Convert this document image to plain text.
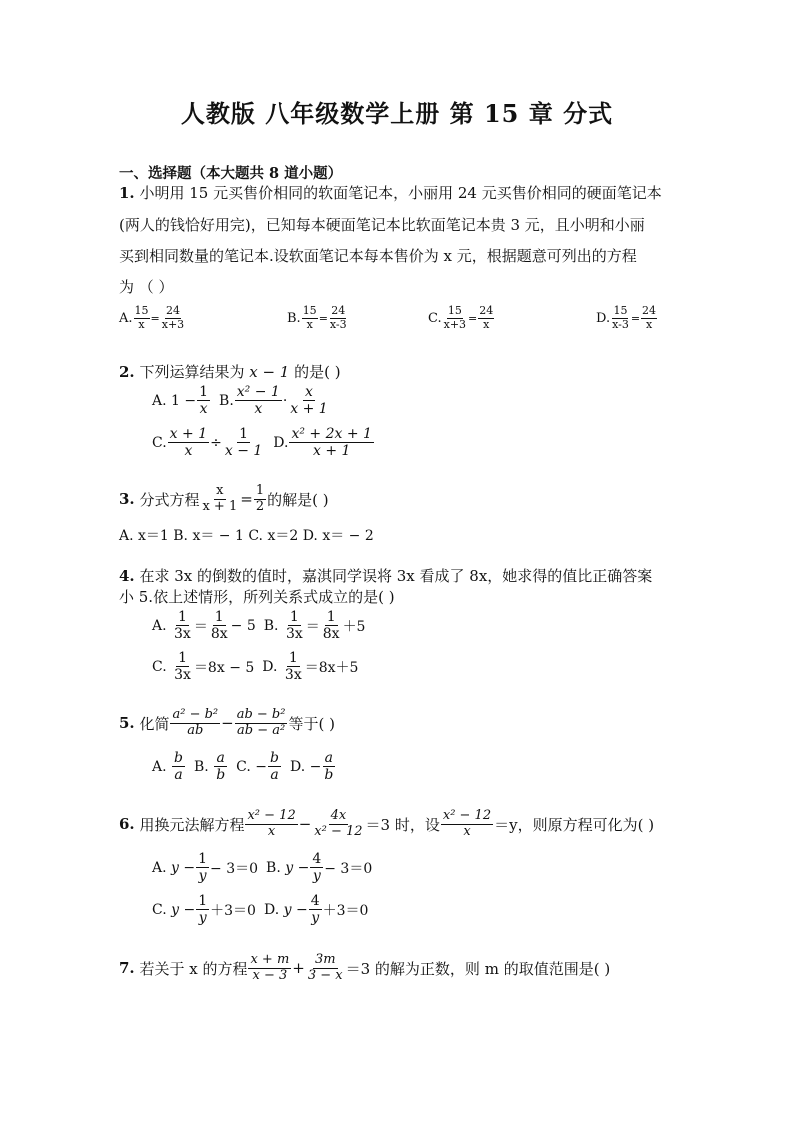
人教版 八年级数学上册 第 15 章 分式
一、选择题（本大题共 8 道小题）
1. 小明用 15 元买售价相同的软面笔记本，小丽用 24 元买售价相同的硬面笔记本
(两人的钱恰好用完)，已知每本硬面笔记本比软面笔记本贵 3 元，且小明和小丽
买到相同数量的笔记本.设软面笔记本每本售价为 x 元，根据题意可列出的方程
为 （ ）
A. $\frac{15}{x} = \frac{24}{x+3}$	B. $\frac{15}{x} = \frac{24}{x-3}$	C. $\frac{15}{x+3} = \frac{24}{x}$	D. $\frac{15}{x-3} = \frac{24}{x}$
2. 下列运算结果为 x − 1 的是( )
A.
$1 - \frac{1}{x} B$. $\frac{\text{x² − 1}}{x} \cdot \frac{x}{x + 1}$
C. $\frac{x + 1}{x} \div \frac{1}{x - 1} D$. $\frac{\text{x² + 2x + 1}}{x + 1}$
3.
分式方程 $\frac{x}{x + 1} = \frac{1}{2}$ 的解是( )
A. x＝1 B. x＝ − 1 C. x＝2 D. x＝ − 2
4. 在求 3x 的倒数的值时，嘉淇同学误将 3x 看成了 8x，她求得的值比正确答案
小 5.依上述情形，所列关系式成立的是( )
A.
$\frac{1}{3x} = \frac{1}{8x} - 5$ B.
$\frac{1}{3x} = \frac{1}{8x} +5$
C.
$\frac{1}{3x} =8x - 5$ D.
$\frac{1}{3x} =8x+5$
5.
化简 $\frac{\text{a² − b²}}{ab} - \frac{\text{ab − b²}}{\text{ab − a²}}$ 等于( )
A.
$\frac{b}{a} B$.
$\frac{a}{b} C$.
− $\frac{b}{a} D$.
− $\frac{a}{b}$
6.
用换元法解方程 $\frac{\text{x² − 12}}{x} - \frac{4x}{\text{x² − 12}} =3$ 时，设 $\frac{\text{x² − 12}}{x} =y$，则原方程可化为( )
A.
$y - \frac{1}{y} - 3=0$ B.
$y - \frac{4}{y} - 3=0$
C.
$y - \frac{1}{y} +3=0$ D.
$y - \frac{4}{y} +3=0$
7.
若关于 x 的方程 $\frac{x + m}{x - 3} + \frac{3m}{3 - x} =3$ 的解为正数，则 m 的取值范围是( )
